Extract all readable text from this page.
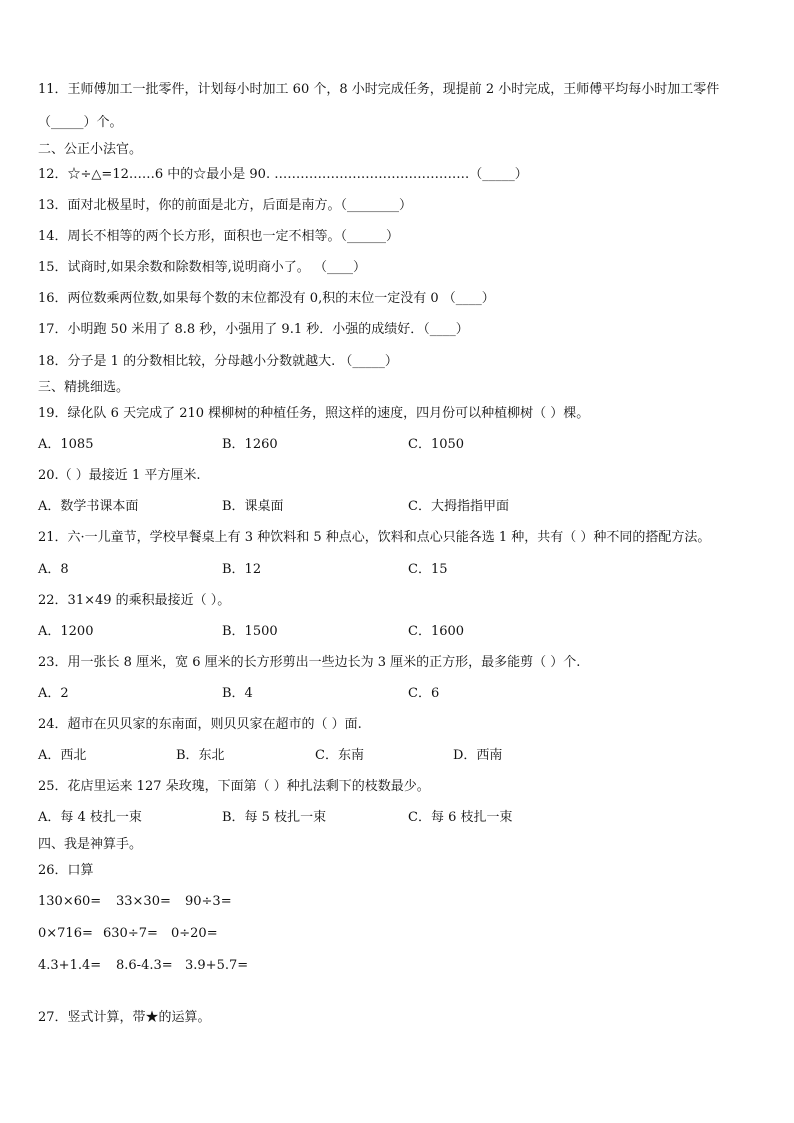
11．王师傅加工一批零件，计划每小时加工 60 个，8 小时完成任务，现提前 2 小时完成，王师傅平均每小时加工零件
（_____）个。
二、公正小法官。
12．☆÷△=12……6 中的☆最小是 90. ………………………………………（_____）
13．面对北极星时，你的前面是北方，后面是南方。（________）
14．周长不相等的两个长方形，面积也一定不相等。（______）
15．试商时,如果余数和除数相等,说明商小了。 （____）
16．两位数乘两位数,如果每个数的末位都没有 0,积的末位一定没有 0 （____）
17．小明跑 50 米用了 8.8 秒，小强用了 9.1 秒．小强的成绩好．（____）
18．分子是 1 的分数相比较，分母越小分数就越大. （_____）
三、精挑细选。
19．绿化队 6 天完成了 210 棵柳树的种植任务，照这样的速度，四月份可以种植柳树（ ）棵。
A．1085	B．1260	C．1050
20.（ ）最接近 1 平方厘米.
A．数学书课本面	B．课桌面	C．大拇指指甲面
21．六·一儿童节，学校早餐桌上有 3 种饮料和 5 种点心，饮料和点心只能各选 1 种，共有（ ）种不同的搭配方法。
A．8	B．12	C．15
22．31×49 的乘积最接近（ ）。
A．1200	B．1500	C．1600
23．用一张长 8 厘米，宽 6 厘米的长方形剪出一些边长为 3 厘米的正方形，最多能剪（ ）个.
A．2	B．4	C．6
24．超市在贝贝家的东南面，则贝贝家在超市的（ ）面.
A．西北	B．东北	C．东南	D．西南
25．花店里运来 127 朵玫瑰，下面第（ ）种扎法剩下的枝数最少。
A．每 4 枝扎一束	B．每 5 枝扎一束	C．每 6 枝扎一束
四、我是神算手。
26．口算
130×60= 33×30= 90÷3=
0×716= 630÷7= 0÷20=
4.3+1.4= 8.6-4.3= 3.9+5.7=
27．竖式计算，带★的运算。
